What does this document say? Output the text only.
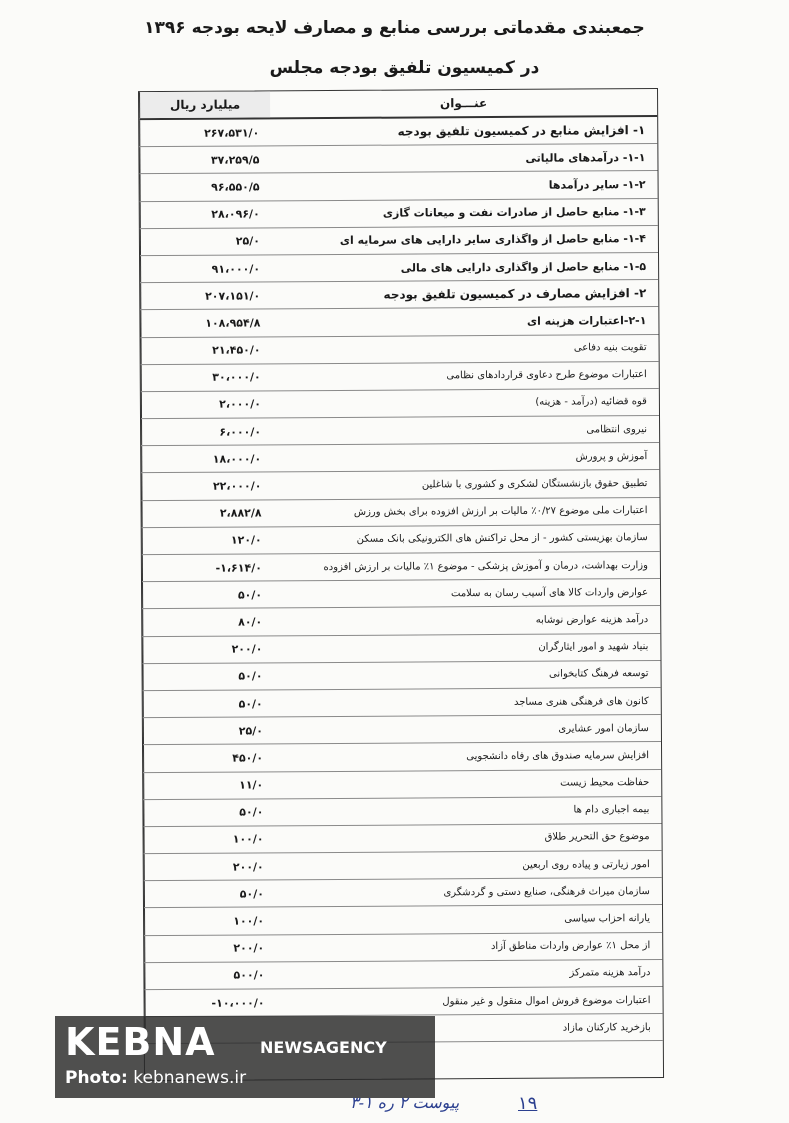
جمعبندی مقدماتی بررسی منابع و مصارف لایحه بودجه ۱۳۹۶
در کمیسیون تلفیق بودجه مجلس
عنـــوان
میلیارد ریال
۱- افزایش منابع در کمیسیون تلفیق بودجه
۲۶۷،۵۳۱/۰
۱-۱- درآمدهای مالیاتی
۳۷،۲۵۹/۵
۱-۲- سایر درآمدها
۹۶،۵۵۰/۵
۱-۳- منابع حاصل از صادرات نفت و میعانات گازی
۲۸،۰۹۶/۰
۱-۴- منابع حاصل از واگذاری سایر دارایی های سرمایه ای
۲۵/۰
۱-۵- منابع حاصل از واگذاری دارایی های مالی
۹۱،۰۰۰/۰
۲- افزایش مصارف در کمیسیون تلفیق بودجه
۲۰۷،۱۵۱/۰
۲-۱-اعتبارات هزینه ای
۱۰۸،۹۵۴/۸
تقویت بنیه دفاعی
۲۱،۴۵۰/۰
اعتبارات موضوع طرح دعاوی قراردادهای نظامی
۳۰،۰۰۰/۰
قوه قضائیه (درآمد - هزینه)
۲،۰۰۰/۰
نیروی انتظامی
۶،۰۰۰/۰
آموزش و پرورش
۱۸،۰۰۰/۰
تطبیق حقوق بازنشستگان لشکری و کشوری با شاغلین
۲۲،۰۰۰/۰
اعتبارات ملی موضوع ۰/۲۷٪ مالیات بر ارزش افزوده برای بخش ورزش
۲،۸۸۲/۸
سازمان بهزیستی کشور - از محل تراکنش های الکترونیکی بانک مسکن
۱۲۰/۰
وزارت بهداشت، درمان و آموزش پزشکی - موضوع ۱٪ مالیات بر ارزش افزوده
-۱،۶۱۴/۰
عوارض واردات کالا های آسیب رسان به سلامت
۵۰/۰
درآمد هزینه عوارض نوشابه
۸۰/۰
بنیاد شهید و امور ایثارگران
۲۰۰/۰
توسعه فرهنگ کتابخوانی
۵۰/۰
کانون های فرهنگی هنری مساجد
۵۰/۰
سازمان امور عشایری
۲۵/۰
افزایش سرمایه صندوق های رفاه دانشجویی
۴۵۰/۰
حفاظت محیط زیست
۱۱/۰
بیمه اجباری دام ها
۵۰/۰
موضوع حق التحریر طلاق
۱۰۰/۰
امور زیارتی و پیاده روی اربعین
۲۰۰/۰
سازمان میراث فرهنگی، صنایع دستی و گردشگری
۵۰/۰
یارانه احزاب سیاسی
۱۰۰/۰
از محل ۱٪ عوارض واردات مناطق آزاد
۲۰۰/۰
درآمد هزینه متمرکز
۵۰۰/۰
اعتبارات موضوع فروش اموال منقول و غیر منقول
-۱۰،۰۰۰/۰
بازخرید کارکنان مازاد
KEBNA	NEWSAGENCY
Photo: kebnanews.ir
پیوست ۲ ره ۱-۳	۱۹
